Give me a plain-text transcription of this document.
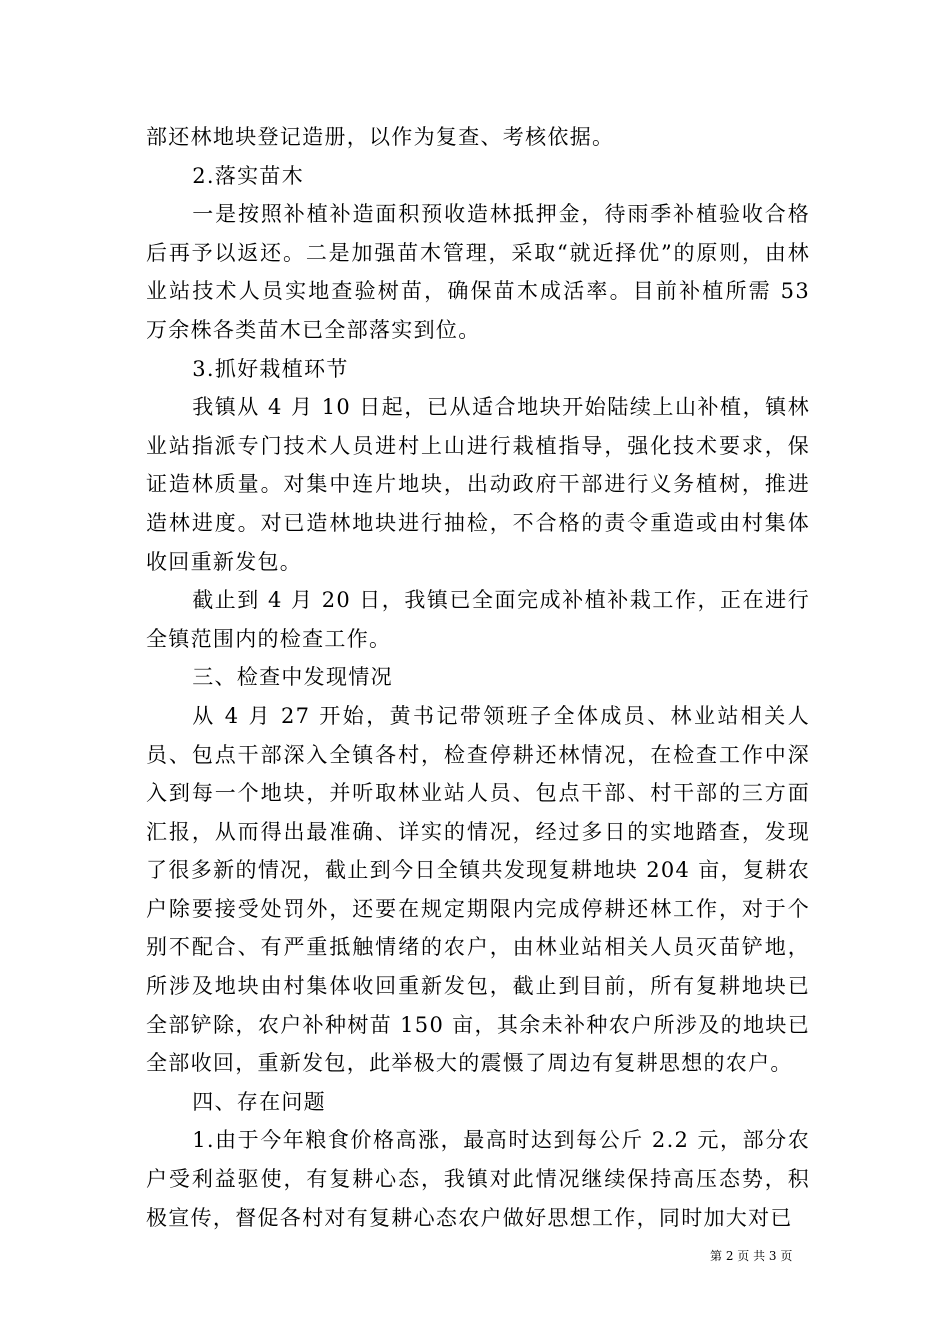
部还林地块登记造册，以作为复查、考核依据。

2.落实苗木

一是按照补植补造面积预收造林抵押金，待雨季补植验收合格后再予以返还。二是加强苗木管理，采取“就近择优”的原则，由林业站技术人员实地查验树苗，确保苗木成活率。目前补植所需 53 万余株各类苗木已全部落实到位。

3.抓好栽植环节

我镇从 4 月 10 日起，已从适合地块开始陆续上山补植，镇林业站指派专门技术人员进村上山进行栽植指导，强化技术要求，保证造林质量。对集中连片地块，出动政府干部进行义务植树，推进造林进度。对已造林地块进行抽检，不合格的责令重造或由村集体收回重新发包。

截止到 4 月 20 日，我镇已全面完成补植补栽工作，正在进行全镇范围内的检查工作。

三、检查中发现情况

从 4 月 27 开始，黄书记带领班子全体成员、林业站相关人员、包点干部深入全镇各村，检查停耕还林情况，在检查工作中深入到每一个地块，并听取林业站人员、包点干部、村干部的三方面汇报，从而得出最准确、详实的情况，经过多日的实地踏查，发现了很多新的情况，截止到今日全镇共发现复耕地块 204 亩，复耕农户除要接受处罚外，还要在规定期限内完成停耕还林工作，对于个别不配合、有严重抵触情绪的农户，由林业站相关人员灭苗铲地，所涉及地块由村集体收回重新发包，截止到目前，所有复耕地块已全部铲除，农户补种树苗 150 亩，其余未补种农户所涉及的地块已全部收回，重新发包，此举极大的震慑了周边有复耕思想的农户。

四、存在问题

1.由于今年粮食价格高涨，最高时达到每公斤 2.2 元，部分农户受利益驱使，有复耕心态，我镇对此情况继续保持高压态势，积极宣传，督促各村对有复耕心态农户做好思想工作，同时加大对已

第 2 页 共 3 页
